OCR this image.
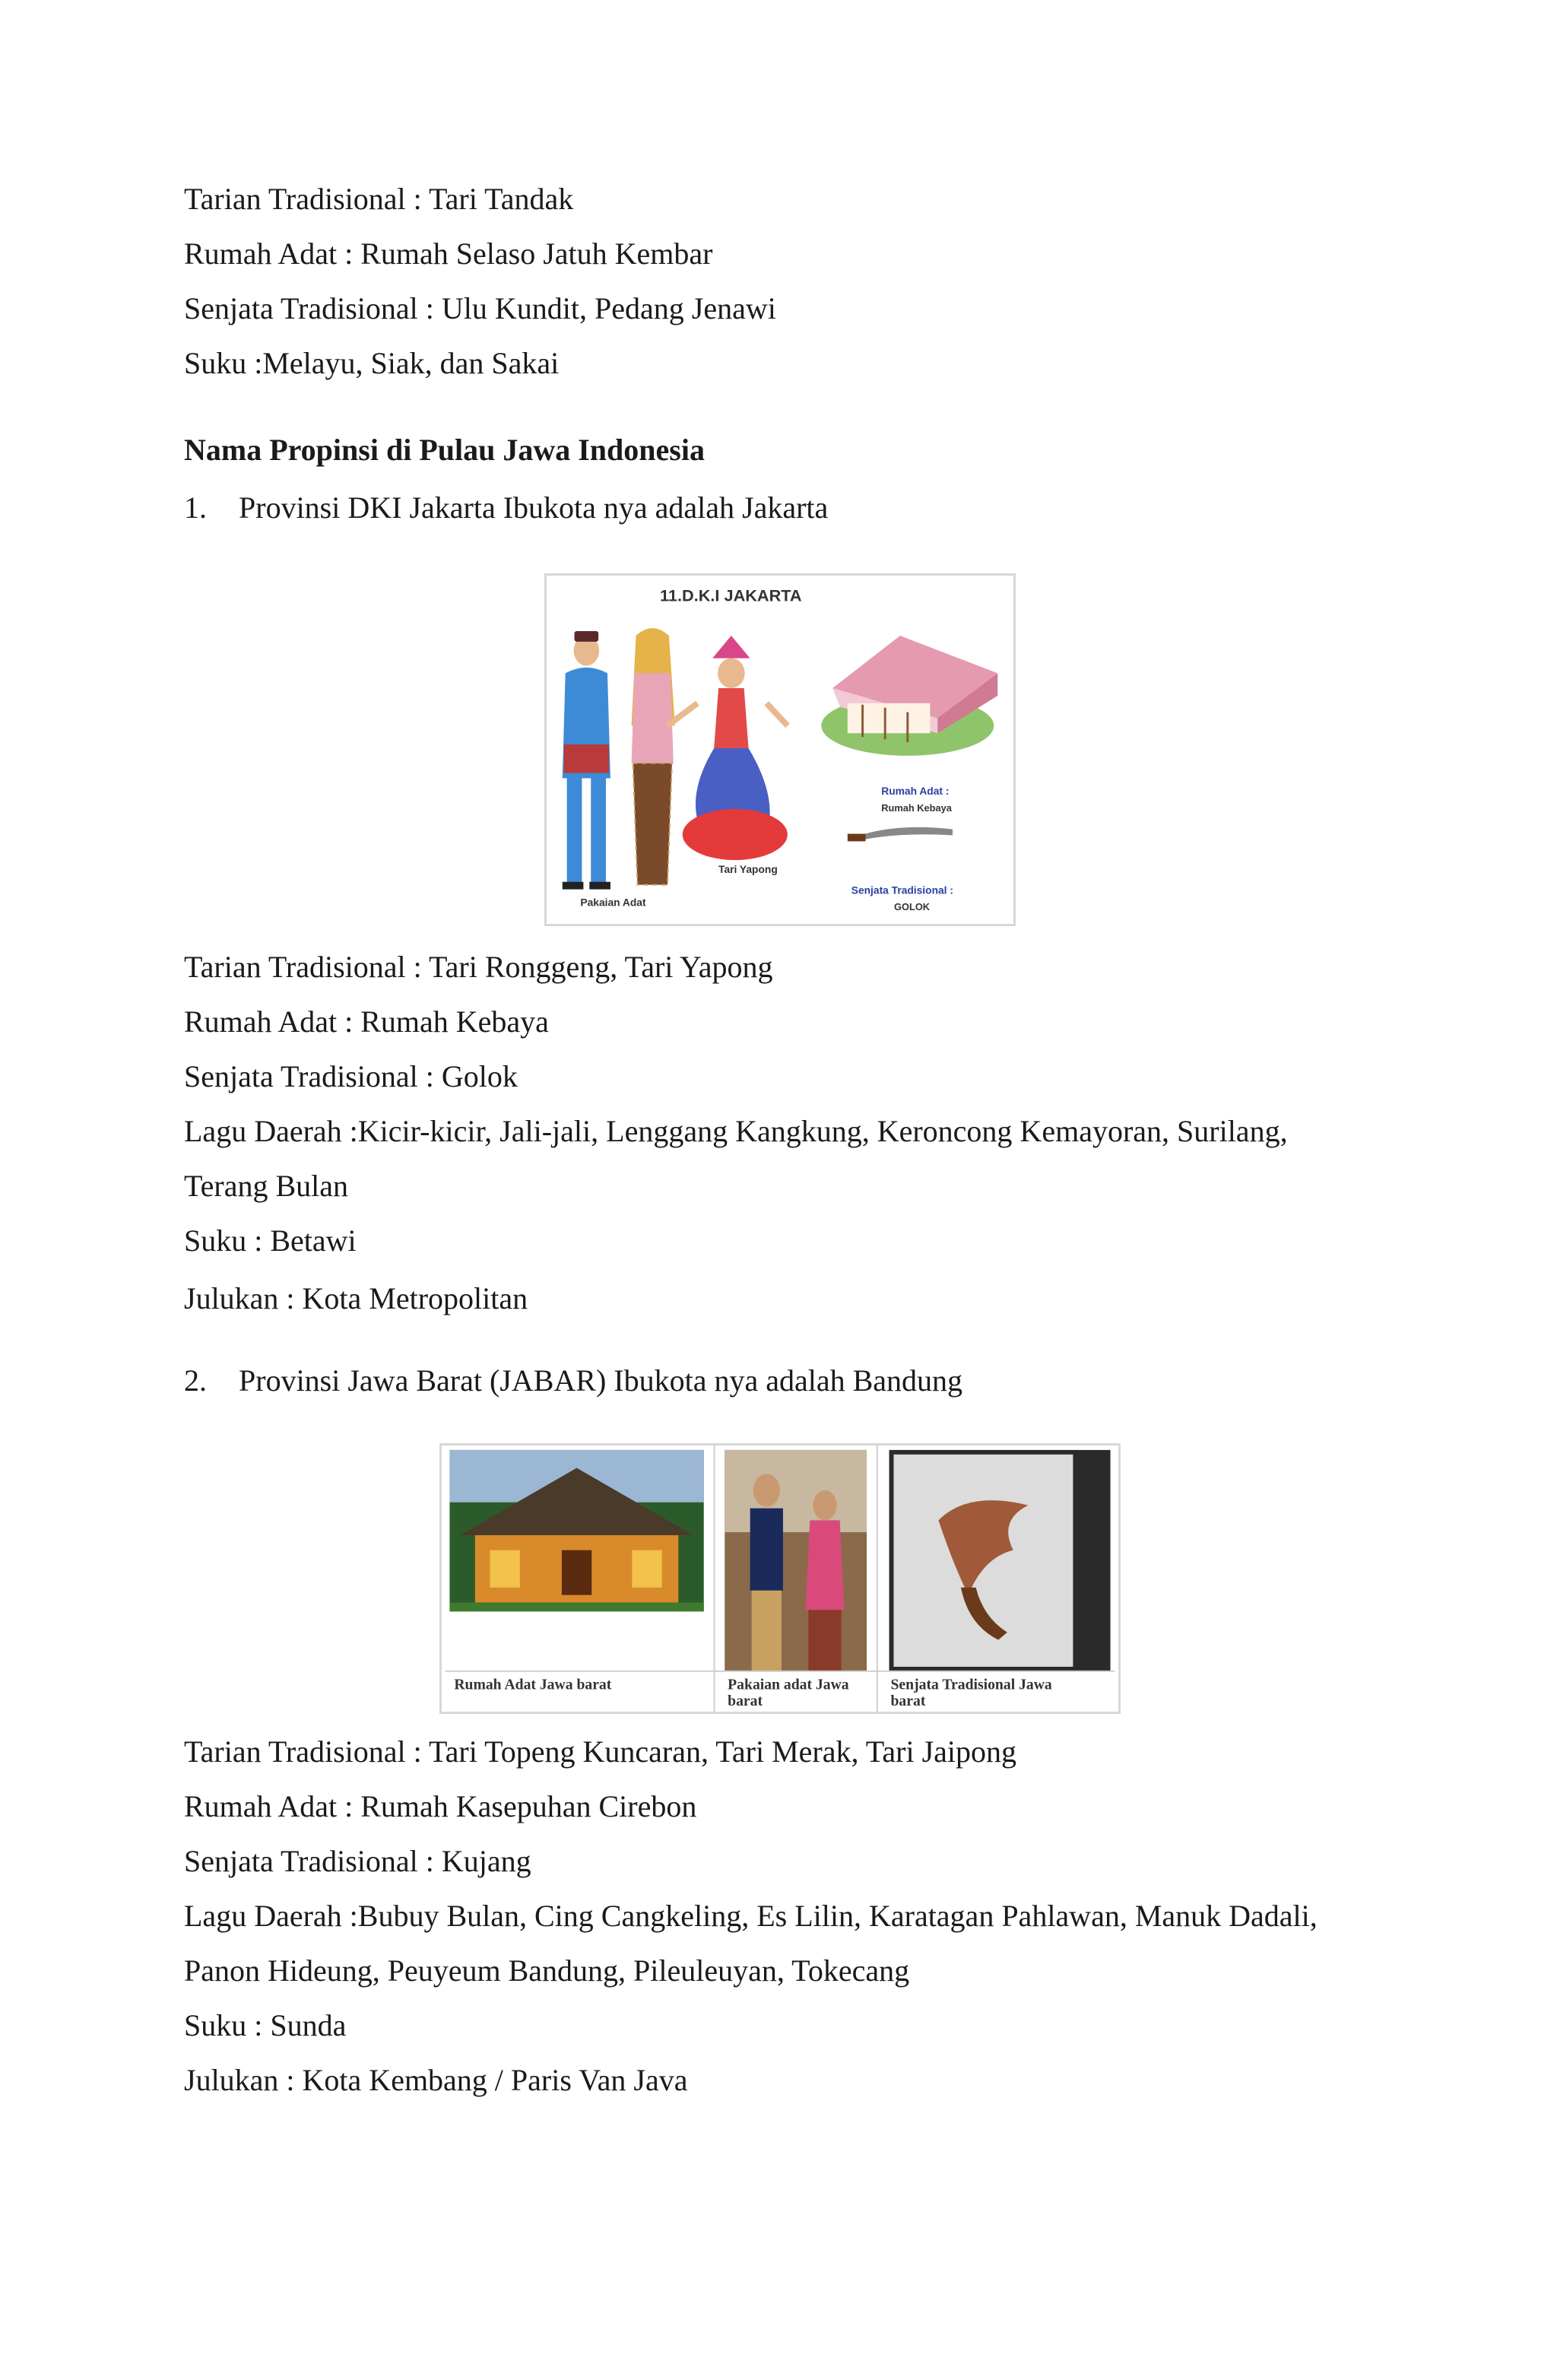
Tarian Tradisional : Tari Tandak
Rumah Adat : Rumah Selaso Jatuh Kembar
Senjata Tradisional : Ulu Kundit, Pedang Jenawi
Suku :Melayu, Siak, dan Sakai
Nama Propinsi di Pulau Jawa Indonesia
1. Provinsi DKI Jakarta Ibukota nya adalah Jakarta
11.D.K.I JAKARTA
Tari Yapong
Rumah Adat :
Rumah Kebaya
Senjata Tradisional :
GOLOK
Pakaian Adat
Tarian Tradisional : Tari Ronggeng, Tari Yapong
Rumah Adat : Rumah Kebaya
Senjata Tradisional : Golok
Lagu Daerah :Kicir-kicir, Jali-jali, Lenggang Kangkung, Keroncong Kemayoran, Surilang,
Terang Bulan
Suku : Betawi
Julukan : Kota Metropolitan
2. Provinsi Jawa Barat (JABAR) Ibukota nya adalah Bandung
Rumah Adat Jawa barat	Pakaian adat Jawa
barat
Senjata Tradisional Jawa
barat
Tarian Tradisional : Tari Topeng Kuncaran, Tari Merak, Tari Jaipong
Rumah Adat : Rumah Kasepuhan Cirebon
Senjata Tradisional : Kujang
Lagu Daerah :Bubuy Bulan, Cing Cangkeling, Es Lilin, Karatagan Pahlawan, Manuk Dadali,
Panon Hideung, Peuyeum Bandung, Pileuleuyan, Tokecang
Suku : Sunda
Julukan : Kota Kembang / Paris Van Java
